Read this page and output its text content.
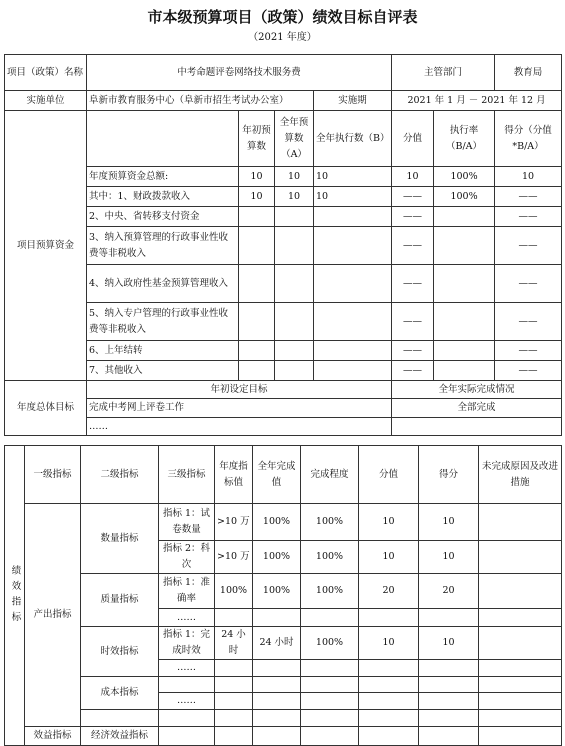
市本级预算项目（政策）绩效目标自评表
（2021 年度）
项目（政策）名称	中考命题评卷网络技术服务费				主管部门		教育局
实施单位	阜新市教育服务中心（阜新市招生考试办公室）			实施期	2021 年 1 月 － 2021 年 12 月		
项目预算资金		年初预算数	全年预算数（A）	全年执行数（B）	分值	执行率（B/A）	得分（分值*B/A）
	年度预算资金总额:	10	10	10	10	100%	10
	其中：1、财政拨款收入	10	10	10	——	100%	——
	2、中央、省转移支付资金				——		——
	3、纳入预算管理的行政事业性收费等非税收入				——		——
	4、纳入政府性基金预算管理收入				——		——
	5、纳入专户管理的行政事业性收费等非税收入				——		——
	6、上年结转				——		——
	7、其他收入				——		——
年度总体目标	年初设定目标				全年实际完成情况		
	完成中考网上评卷工作				全部完成		
	……						
绩效指标	一级指标	二级指标	三级指标	年度指标值	全年完成值	完成程度	分值	得分	未完成原因及改进措施
	产出指标	数量指标	指标 1：试卷数量	>10 万	100%	100%	10	10	
			指标 2：科次	>10 万	100%	100%	10	10	
		质量指标	指标 1：准确率	100%	100%	100%	20	20	
			……						
		时效指标	指标 1：完成时效	24 小时	24 小时	100%	10	10	
			……						
		成本指标							
			……						

	效益指标	经济效益指标							
